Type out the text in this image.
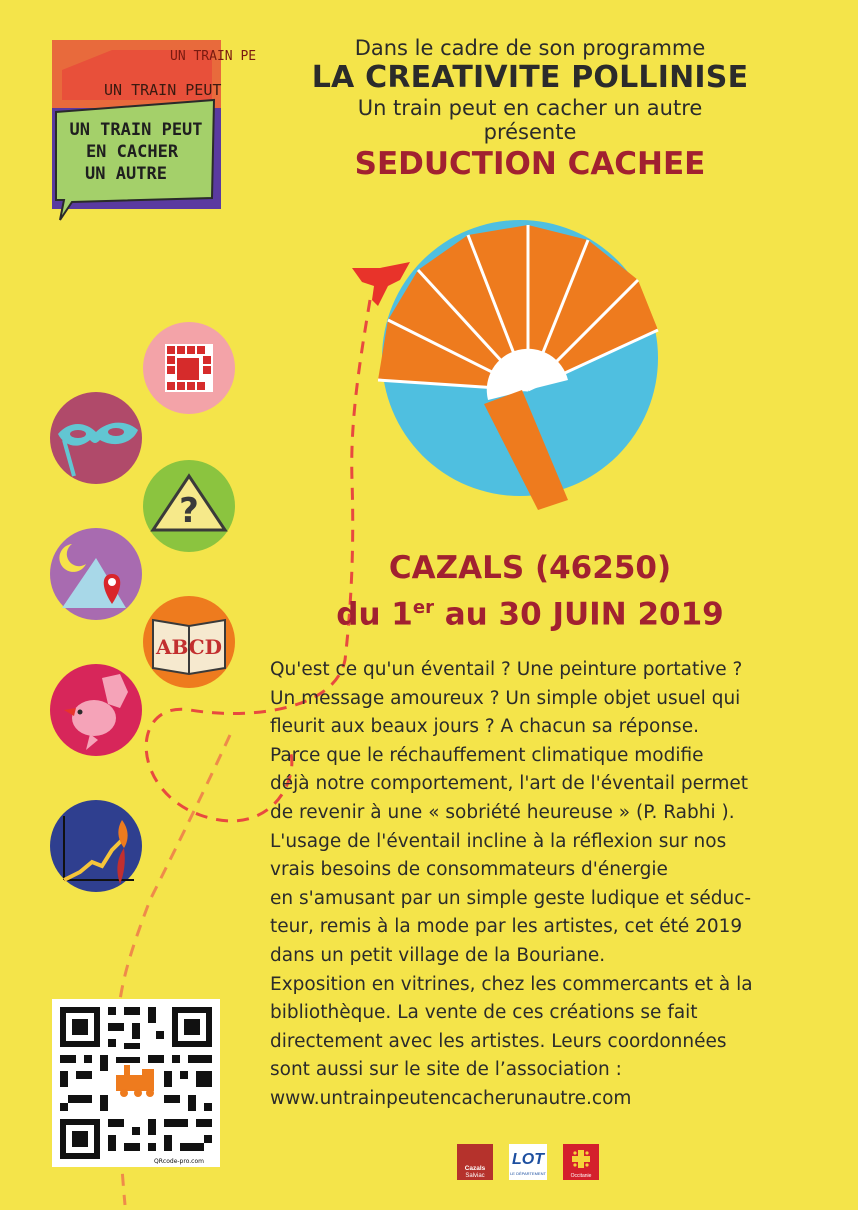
UN TRAIN PE
UN TRAIN PEUT
UN TRAIN PEUT
EN CACHER
UN AUTRE
Dans le cadre de son programme
LA CREATIVITE POLLINISE
Un train peut en cacher un autre
présente
SEDUCTION CACHEE
?
ABCD
CAZALS (46250)
du 1er au 30 JUIN 2019

Qu'est ce qu'un éventail ? Une peinture portative ?

Un message amoureux ? Un simple objet usuel qui

fleurit aux beaux jours ? A chacun sa réponse.

Parce que le réchauffement climatique modifie

déjà notre comportement, l'art de l'éventail permet

de revenir à une « sobriété heureuse » (P. Rabhi ).

L'usage de l'éventail incline à la réflexion sur nos

vrais besoins de consommateurs d'énergie

en s'amusant par un simple geste ludique et séduc-

teur, remis à la mode par les artistes, cet été 2019

dans un petit village de la Bouriane.

Exposition en vitrines, chez les commercants et à la

bibliothèque. La vente de ces créations se fait

directement avec les artistes. Leurs coordonnées

sont aussi sur le site de l’association :

www.untrainpeutencacherunautre.com

QRcode-pro.com
Cazals
Salviac
LOT
LE DÉPARTEMENT	Occitanie
